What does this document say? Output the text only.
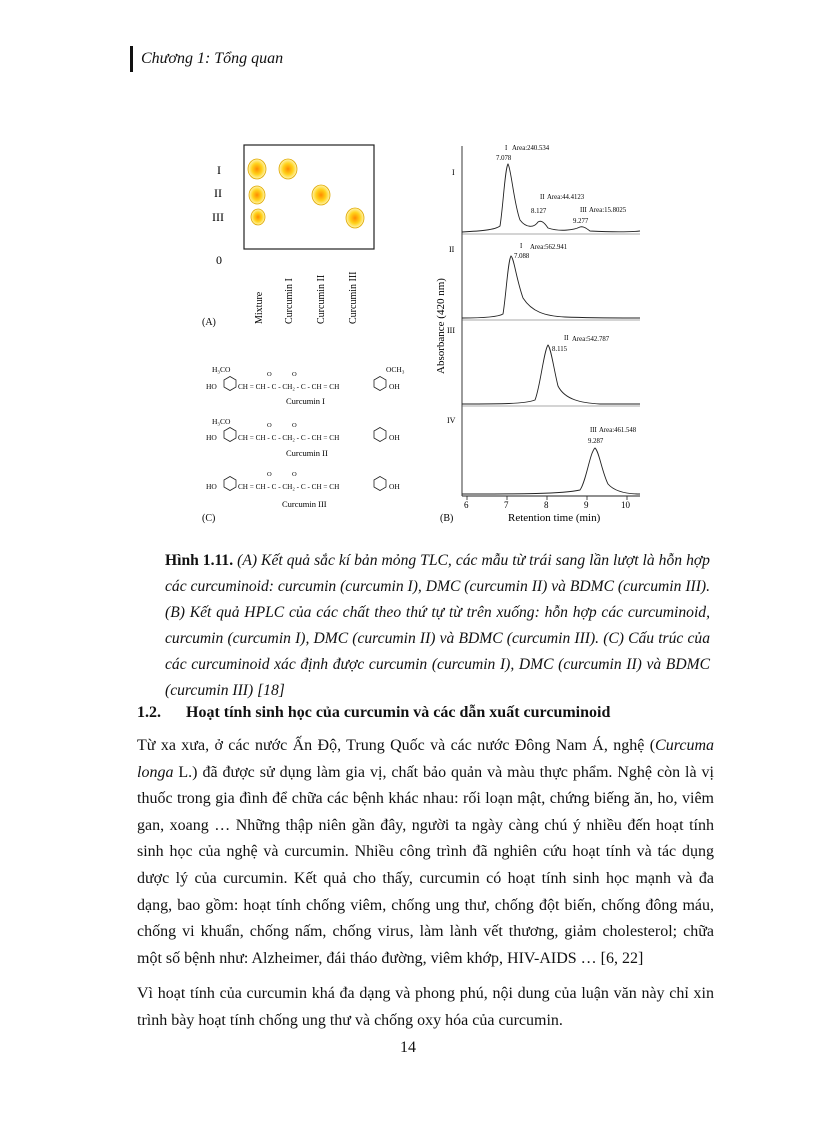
Chương 1: Tổng quan
I
II
III
0
Mixture Curcumin I Curcumin II Curcumin III
(A)
H₃CO
HO	CH = CH - C - CH₂ - C - CH = CH
O	O
OCH₃
OH
Curcumin I
H₃CO
HO	CH = CH - C - CH₂ - C - CH = CH
O	O
OH
Curcumin II
HO	CH = CH - C - CH₂ - C - CH = CH
O	O
OH
Curcumin III
(C)
I
II
III
IV
Absorbance (420 nm)
I Area:240.534
7.078
II Area:44.4123
8.127	III Area:15.8025
9.277
I Area:562.941
7.088
II Area:542.787
8.115
III Area:461.548
9.287
6	7	8	9	10
(B)	Retention time (min)
Hình 1.11. (A) Kết quả sắc kí bản mỏng TLC, các mẫu từ trái sang lần lượt là hỗn hợp các curcuminoid: curcumin (curcumin I), DMC (curcumin II) và BDMC (curcumin III). (B) Kết quả HPLC của các chất theo thứ tự từ trên xuống: hỗn hợp các curcuminoid, curcumin (curcumin I), DMC (curcumin II) và BDMC (curcumin III). (C) Cấu trúc của các curcuminoid xác định được curcumin (curcumin I), DMC (curcumin II) và BDMC (curcumin III) [18]
1.2. Hoạt tính sinh học của curcumin và các dẫn xuất curcuminoid

Từ xa xưa, ở các nước Ấn Độ, Trung Quốc và các nước Đông Nam Á, nghệ (Curcuma longa L.) đã được sử dụng làm gia vị, chất bảo quản và màu thực phẩm. Nghệ còn là vị thuốc trong gia đình để chữa các bệnh khác nhau: rối loạn mật, chứng biếng ăn, ho, viêm gan, xoang … Những thập niên gần đây, người ta ngày càng chú ý nhiều đến hoạt tính sinh học của nghệ và curcumin. Nhiều công trình đã nghiên cứu hoạt tính và tác dụng dược lý của curcumin. Kết quả cho thấy, curcumin có hoạt tính sinh học mạnh và đa dạng, bao gồm: hoạt tính chống viêm, chống ung thư, chống đột biến, chống đông máu, chống vi khuẩn, chống nấm, chống virus, làm lành vết thương, giảm cholesterol; chữa một số bệnh như: Alzheimer, đái tháo đường, viêm khớp, HIV-AIDS … [6, 22]

Vì hoạt tính của curcumin khá đa dạng và phong phú, nội dung của luận văn này chỉ xin trình bày hoạt tính chống ung thư và chống oxy hóa của curcumin.

14
